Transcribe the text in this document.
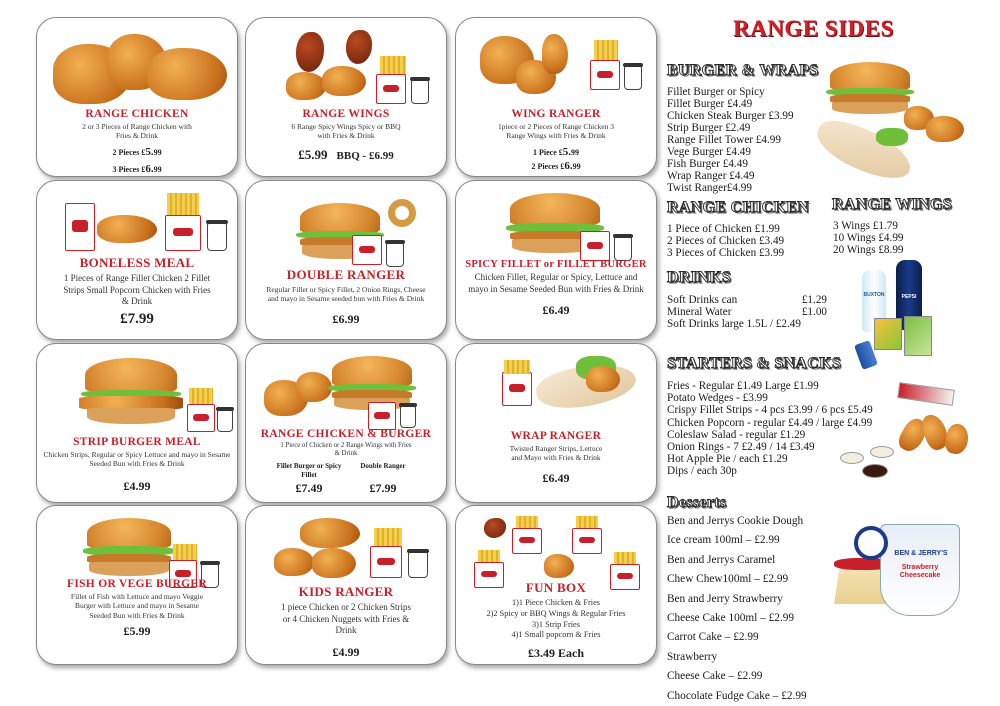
RANGE CHICKEN
2 or 3 Pieces of Range Chicken with Fries & Drink
2 Pieces £5.99
3 Pieces £6.99
RANGE WINGS
6 Range Spicy Wings Spicy or BBQ with Fries & Drink
£5.99 BBQ - £6.99
WING RANGER
1piece or 2 Pieces of Range Chicken 3 Range Wings with Fries & Drink
1 Piece £5.99
2 Pieces £6.99
BONELESS MEAL
1 Pieces of Range Fillet Chicken 2 Fillet Strips Small Popcorn Chicken with Fries & Drink
£7.99
DOUBLE RANGER
Regular Fillet or Spicy Fillet, 2 Onion Rings, Cheese and mayo in Sesame seeded bun with Fries & Drink
£6.99
SPICY FILLET or FILLET BURGER
Chicken Fillet, Regular or Spicy, Lettuce and mayo in Sesame Seeded Bun with Fries & Drink
£6.49
STRIP BURGER MEAL
Chicken Strips, Regular or Spicy Lettuce and mayo in Sesame Seeded Bun with Fries & Drink
£4.99
RANGE CHICKEN & BURGER
1 Piece of Chicken or 2 Range Wings with Fries & Drink
Fillet Burger or Spicy Fillet
£7.49
Double Ranger
£7.99
WRAP RANGER
Twisted Ranger Strips, Lettuce and Mayo with Fries & Drink
£6.49
FISH OR VEGE BURGER
Fillet of Fish with Lettuce and mayo Veggie Burger with Lettuce and mayo in Sesame Seeded Bun with Fries & Drink
£5.99
KIDS RANGER
1 piece Chicken or 2 Chicken Strips or 4 Chicken Nuggets with Fries & Drink
£4.99
FUN BOX
1)1 Piece Chicken & Fries
2)2 Spicy or BBQ Wings & Regular Fries
3)1 Strip Fries
4)1 Small popcorn & Fries
£3.49 Each
RANGE SIDES
BURGER & WRAPS
Fillet Burger or Spicy
Fillet Burger £4.49
Chicken Steak Burger £3.99
Strip Burger £2.49
Range Fillet Tower £4.99
Vege Burger £4.49
Fish Burger £4.49
Wrap Ranger £4.49
Twist Ranger£4.99
RANGE CHICKEN
1 Piece of Chicken £1.99
2 Pieces of Chicken £3.49
3 Pieces of Chicken £3.99
RANGE WINGS
3 Wings £1.79
10 Wings £4.99
20 Wings £8.99
DRINKS
Soft Drinks can	£1.29
Mineral Water	£1.00
Soft Drinks large 1.5L / £2.49
BUXTON	PEPSI
STARTERS & SNACKS
Fries - Regular £1.49 Large £1.99
Potato Wedges - £3.99
Crispy Fillet Strips - 4 pcs £3.99 / 6 pcs £5.49
Chicken Popcorn - regular £4.49 / large £4.99
Coleslaw Salad - regular £1.29
Onion Rings - 7 £2.49 / 14 £3.49
Hot Apple Pie / each £1.29
Dips / each 30p
Desserts
Ben and Jerrys Cookie Dough
Ice cream 100ml – £2.99
Ben and Jerrys Caramel
Chew Chew100ml – £2.99
Ben and Jerry Strawberry
Cheese Cake 100ml – £2.99
Carrot Cake – £2.99
Strawberry
Cheese Cake – £2.99
Chocolate Fudge Cake – £2.99
BEN & JERRY'S
Strawberry Cheesecake
